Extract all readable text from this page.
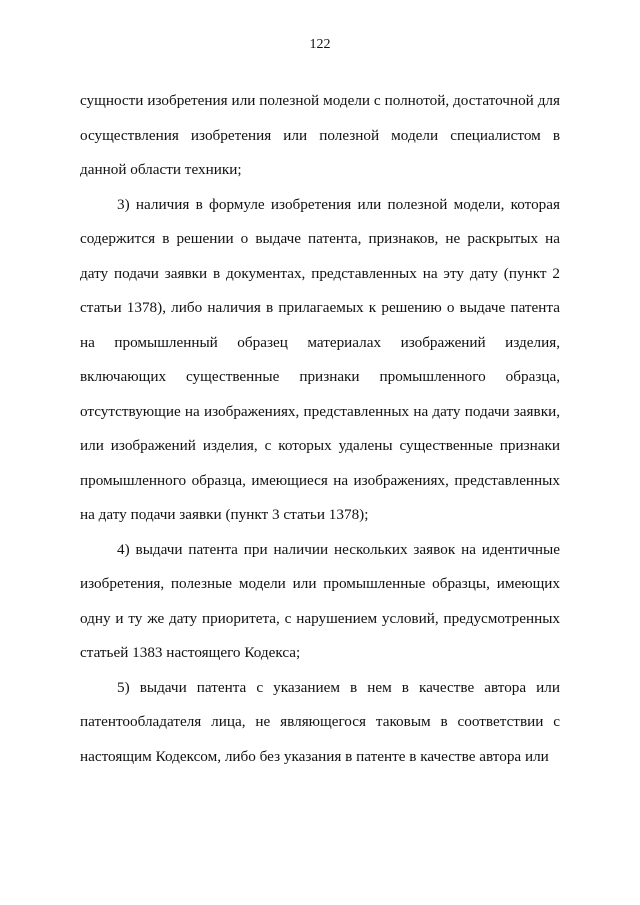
122

сущности изобретения или полезной модели с полнотой, достаточной для осуществления изобретения или полезной модели специалистом в данной области техники;

3) наличия в формуле изобретения или полезной модели, которая содержится в решении о выдаче патента, признаков, не раскрытых на дату подачи заявки в документах, представленных на эту дату (пункт 2 статьи 1378), либо наличия в прилагаемых к решению о выдаче патента на промышленный образец материалах изображений изделия, включающих существенные признаки промышленного образца, отсутствующие на изображениях, представленных на дату подачи заявки, или изображений изделия, с которых удалены существенные признаки промышленного образца, имеющиеся на изображениях, представленных на дату подачи заявки (пункт 3 статьи 1378);

4) выдачи патента при наличии нескольких заявок на идентичные изобретения, полезные модели или промышленные образцы, имеющих одну и ту же дату приоритета, с нарушением условий, предусмотренных статьей 1383 настоящего Кодекса;

5) выдачи патента с указанием в нем в качестве автора или патентообладателя лица, не являющегося таковым в соответствии с настоящим Кодексом, либо без указания в патенте в качестве автора или
